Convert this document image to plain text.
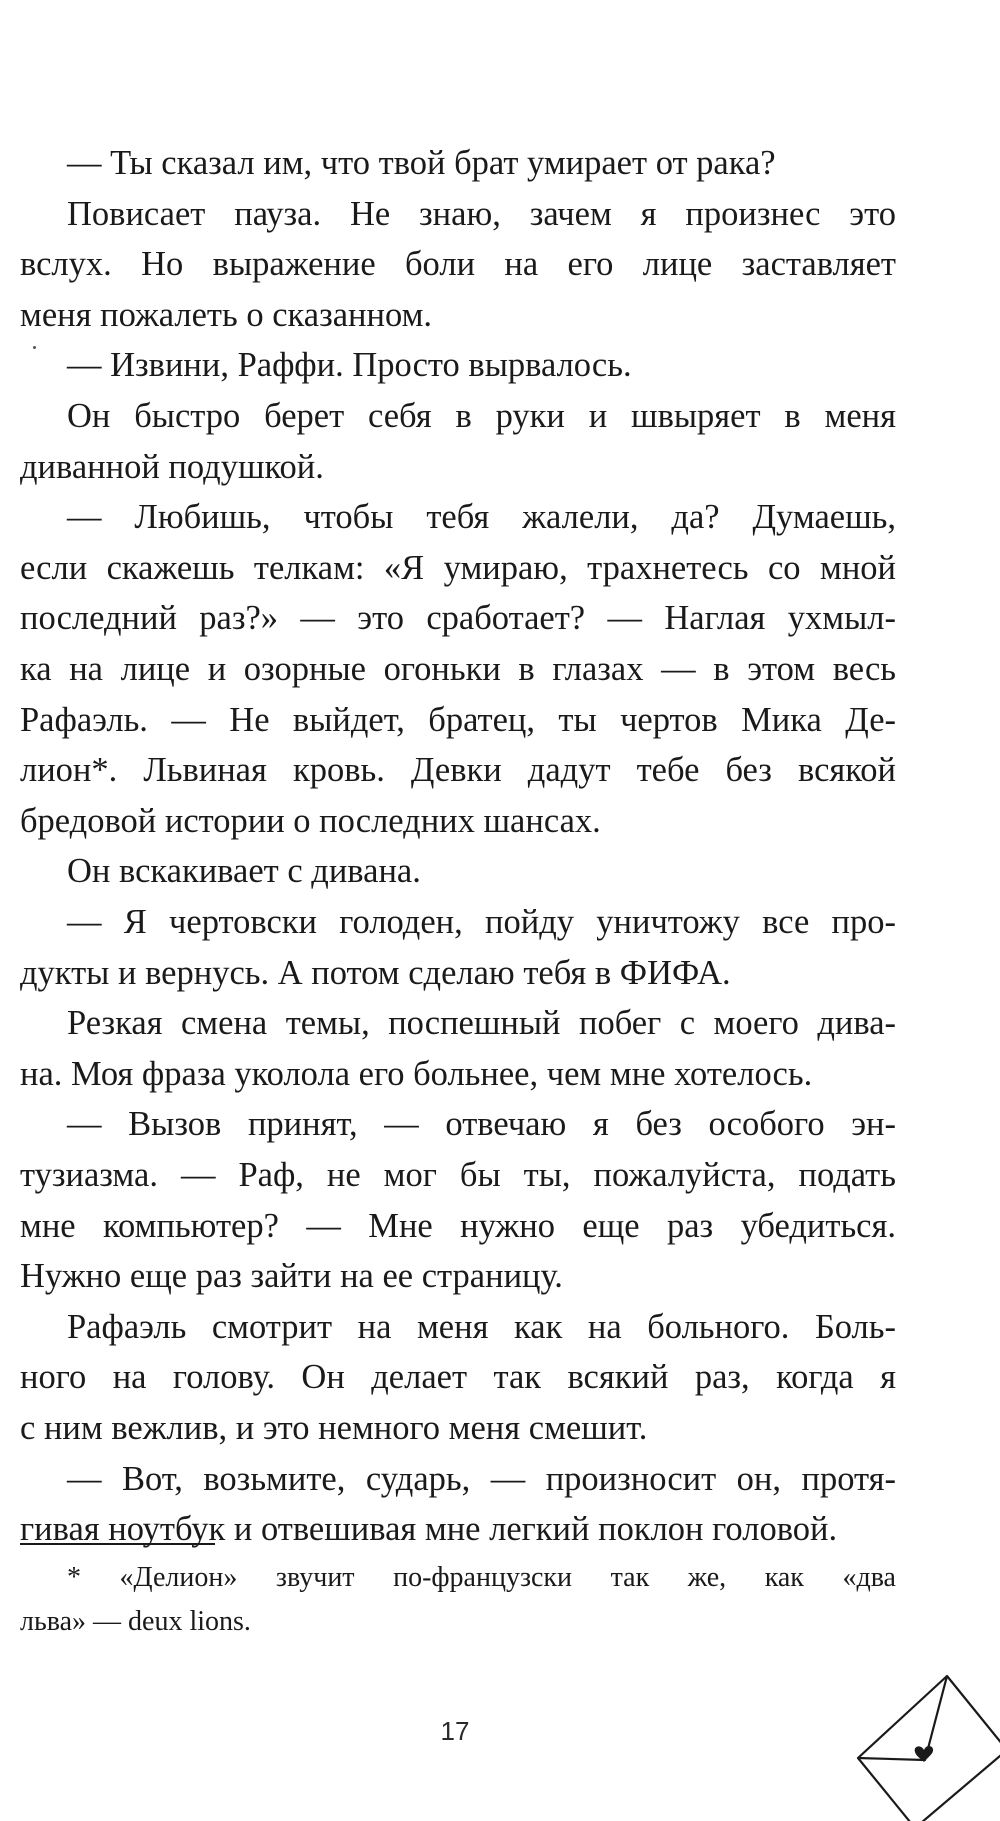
— Ты сказал им, что твой брат умирает от рака?
Повисает пауза. Не знаю, зачем я произнес это
вслух. Но выражение боли на его лице заставляет
меня пожалеть о сказанном.
— Извини, Раффи. Просто вырвалось.
Он быстро берет себя в руки и швыряет в меня
диванной подушкой.
— Любишь, чтобы тебя жалели, да? Думаешь,
если скажешь телкам: «Я умираю, трахнетесь со мной
последний раз?» — это сработает? — Наглая ухмыл-
ка на лице и озорные огоньки в глазах — в этом весь
Рафаэль. — Не выйдет, братец, ты чертов Мика Де-
лион*. Львиная кровь. Девки дадут тебе без всякой
бредовой истории о последних шансах.
Он вскакивает с дивана.
— Я чертовски голоден, пойду уничтожу все про-
дукты и вернусь. А потом сделаю тебя в ФИФА.
Резкая смена темы, поспешный побег с моего дива-
на. Моя фраза уколола его больнее, чем мне хотелось.
— Вызов принят, — отвечаю я без особого эн-
тузиазма. — Раф, не мог бы ты, пожалуйста, подать
мне компьютер? — Мне нужно еще раз убедиться.
Нужно еще раз зайти на ее страницу.
Рафаэль смотрит на меня как на больного. Боль-
ного на голову. Он делает так всякий раз, когда я
с ним вежлив, и это немного меня смешит.
— Вот, возьмите, сударь, — произносит он, протя-
гивая ноутбук и отвешивая мне легкий поклон головой.
* «Делион» звучит по-французски так же, как «два
льва» — deux lions.
17
